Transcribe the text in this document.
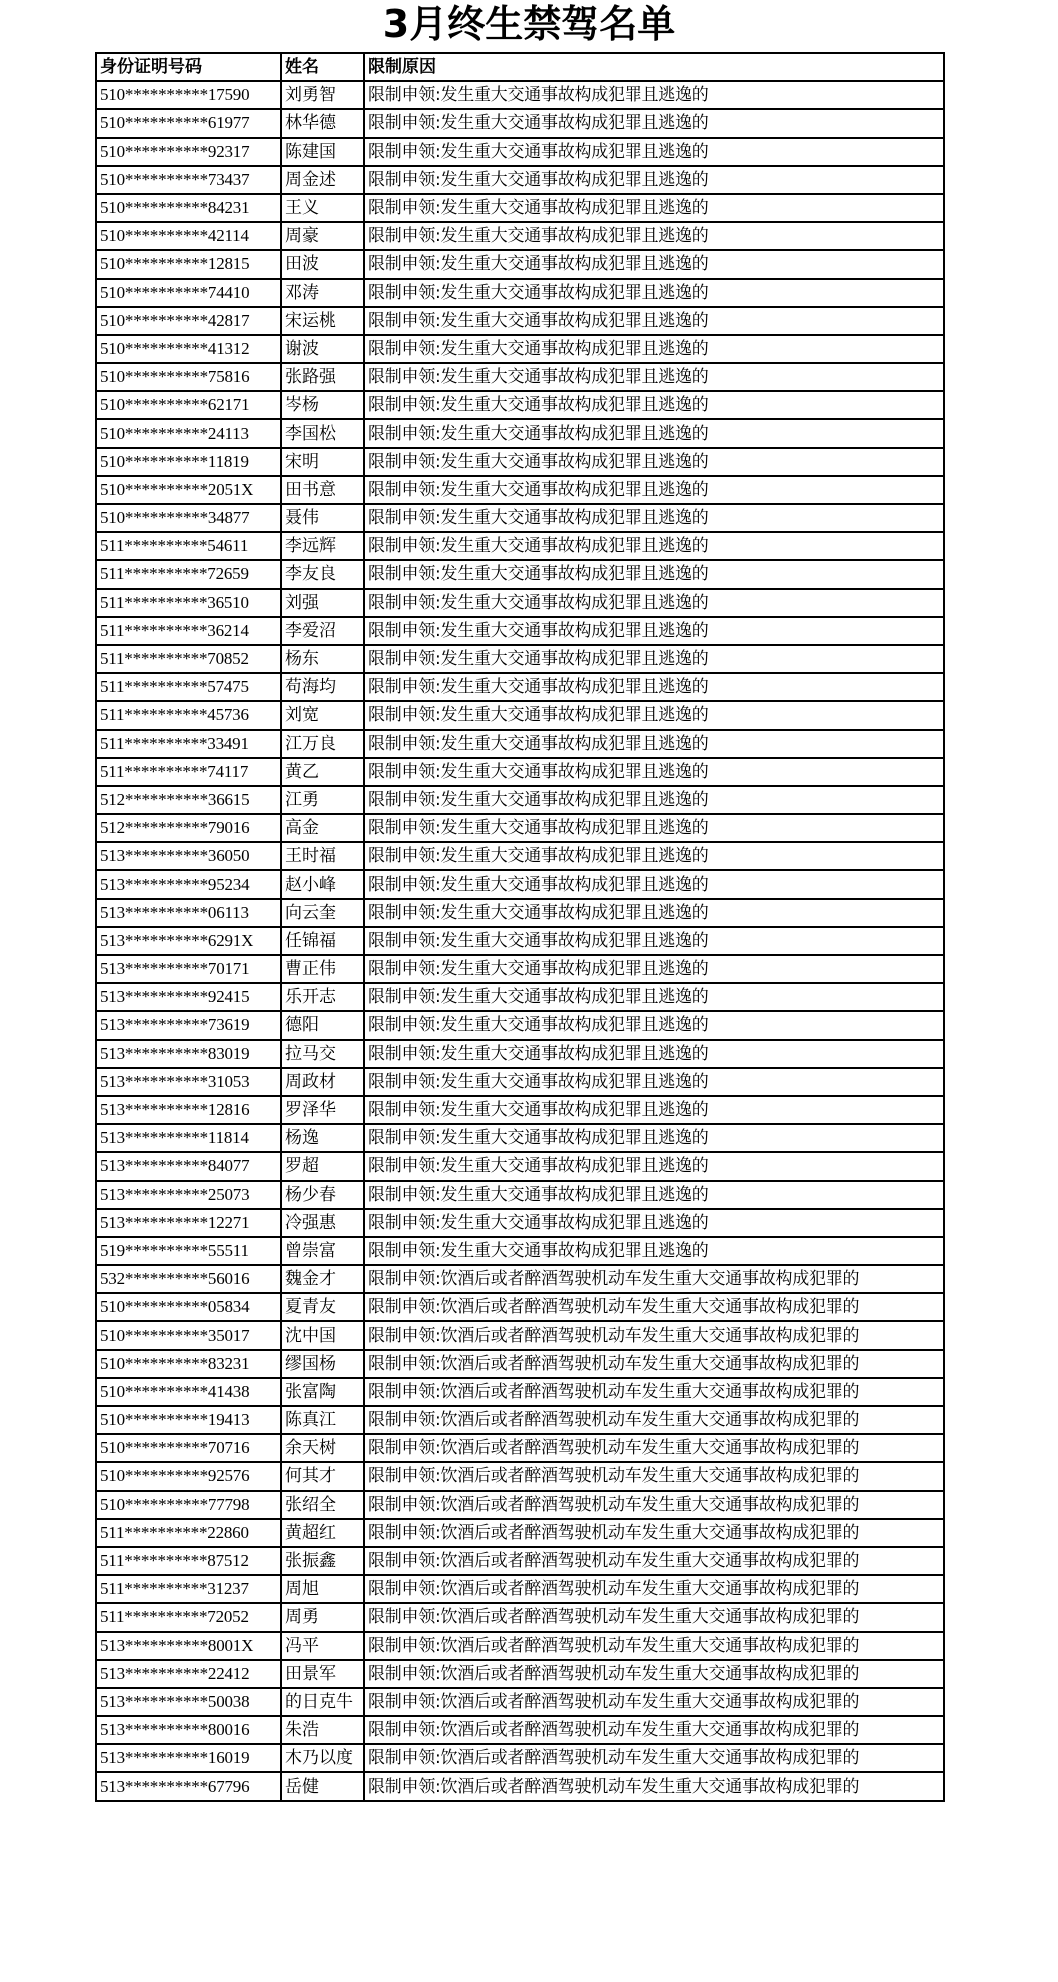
3月终生禁驾名单
身份证明号码	姓名	限制原因
510**********17590	刘勇智	限制申领:发生重大交通事故构成犯罪且逃逸的
510**********61977	林华德	限制申领:发生重大交通事故构成犯罪且逃逸的
510**********92317	陈建国	限制申领:发生重大交通事故构成犯罪且逃逸的
510**********73437	周金述	限制申领:发生重大交通事故构成犯罪且逃逸的
510**********84231	王义	限制申领:发生重大交通事故构成犯罪且逃逸的
510**********42114	周豪	限制申领:发生重大交通事故构成犯罪且逃逸的
510**********12815	田波	限制申领:发生重大交通事故构成犯罪且逃逸的
510**********74410	邓涛	限制申领:发生重大交通事故构成犯罪且逃逸的
510**********42817	宋运桃	限制申领:发生重大交通事故构成犯罪且逃逸的
510**********41312	谢波	限制申领:发生重大交通事故构成犯罪且逃逸的
510**********75816	张路强	限制申领:发生重大交通事故构成犯罪且逃逸的
510**********62171	岑杨	限制申领:发生重大交通事故构成犯罪且逃逸的
510**********24113	李国松	限制申领:发生重大交通事故构成犯罪且逃逸的
510**********11819	宋明	限制申领:发生重大交通事故构成犯罪且逃逸的
510**********2051X	田书意	限制申领:发生重大交通事故构成犯罪且逃逸的
510**********34877	聂伟	限制申领:发生重大交通事故构成犯罪且逃逸的
511**********54611	李远辉	限制申领:发生重大交通事故构成犯罪且逃逸的
511**********72659	李友良	限制申领:发生重大交通事故构成犯罪且逃逸的
511**********36510	刘强	限制申领:发生重大交通事故构成犯罪且逃逸的
511**********36214	李爱沼	限制申领:发生重大交通事故构成犯罪且逃逸的
511**********70852	杨东	限制申领:发生重大交通事故构成犯罪且逃逸的
511**********57475	苟海均	限制申领:发生重大交通事故构成犯罪且逃逸的
511**********45736	刘宽	限制申领:发生重大交通事故构成犯罪且逃逸的
511**********33491	江万良	限制申领:发生重大交通事故构成犯罪且逃逸的
511**********74117	黄乙	限制申领:发生重大交通事故构成犯罪且逃逸的
512**********36615	江勇	限制申领:发生重大交通事故构成犯罪且逃逸的
512**********79016	高金	限制申领:发生重大交通事故构成犯罪且逃逸的
513**********36050	王时福	限制申领:发生重大交通事故构成犯罪且逃逸的
513**********95234	赵小峰	限制申领:发生重大交通事故构成犯罪且逃逸的
513**********06113	向云奎	限制申领:发生重大交通事故构成犯罪且逃逸的
513**********6291X	任锦福	限制申领:发生重大交通事故构成犯罪且逃逸的
513**********70171	曹正伟	限制申领:发生重大交通事故构成犯罪且逃逸的
513**********92415	乐开志	限制申领:发生重大交通事故构成犯罪且逃逸的
513**********73619	德阳	限制申领:发生重大交通事故构成犯罪且逃逸的
513**********83019	拉马交	限制申领:发生重大交通事故构成犯罪且逃逸的
513**********31053	周政材	限制申领:发生重大交通事故构成犯罪且逃逸的
513**********12816	罗泽华	限制申领:发生重大交通事故构成犯罪且逃逸的
513**********11814	杨逸	限制申领:发生重大交通事故构成犯罪且逃逸的
513**********84077	罗超	限制申领:发生重大交通事故构成犯罪且逃逸的
513**********25073	杨少春	限制申领:发生重大交通事故构成犯罪且逃逸的
513**********12271	冷强惠	限制申领:发生重大交通事故构成犯罪且逃逸的
519**********55511	曾崇富	限制申领:发生重大交通事故构成犯罪且逃逸的
532**********56016	魏金才	限制申领:饮酒后或者醉酒驾驶机动车发生重大交通事故构成犯罪的
510**********05834	夏青友	限制申领:饮酒后或者醉酒驾驶机动车发生重大交通事故构成犯罪的
510**********35017	沈中国	限制申领:饮酒后或者醉酒驾驶机动车发生重大交通事故构成犯罪的
510**********83231	缪国杨	限制申领:饮酒后或者醉酒驾驶机动车发生重大交通事故构成犯罪的
510**********41438	张富陶	限制申领:饮酒后或者醉酒驾驶机动车发生重大交通事故构成犯罪的
510**********19413	陈真江	限制申领:饮酒后或者醉酒驾驶机动车发生重大交通事故构成犯罪的
510**********70716	余天树	限制申领:饮酒后或者醉酒驾驶机动车发生重大交通事故构成犯罪的
510**********92576	何其才	限制申领:饮酒后或者醉酒驾驶机动车发生重大交通事故构成犯罪的
510**********77798	张绍全	限制申领:饮酒后或者醉酒驾驶机动车发生重大交通事故构成犯罪的
511**********22860	黄超红	限制申领:饮酒后或者醉酒驾驶机动车发生重大交通事故构成犯罪的
511**********87512	张振鑫	限制申领:饮酒后或者醉酒驾驶机动车发生重大交通事故构成犯罪的
511**********31237	周旭	限制申领:饮酒后或者醉酒驾驶机动车发生重大交通事故构成犯罪的
511**********72052	周勇	限制申领:饮酒后或者醉酒驾驶机动车发生重大交通事故构成犯罪的
513**********8001X	冯平	限制申领:饮酒后或者醉酒驾驶机动车发生重大交通事故构成犯罪的
513**********22412	田景军	限制申领:饮酒后或者醉酒驾驶机动车发生重大交通事故构成犯罪的
513**********50038	的日克牛	限制申领:饮酒后或者醉酒驾驶机动车发生重大交通事故构成犯罪的
513**********80016	朱浩	限制申领:饮酒后或者醉酒驾驶机动车发生重大交通事故构成犯罪的
513**********16019	木乃以度	限制申领:饮酒后或者醉酒驾驶机动车发生重大交通事故构成犯罪的
513**********67796	岳健	限制申领:饮酒后或者醉酒驾驶机动车发生重大交通事故构成犯罪的
